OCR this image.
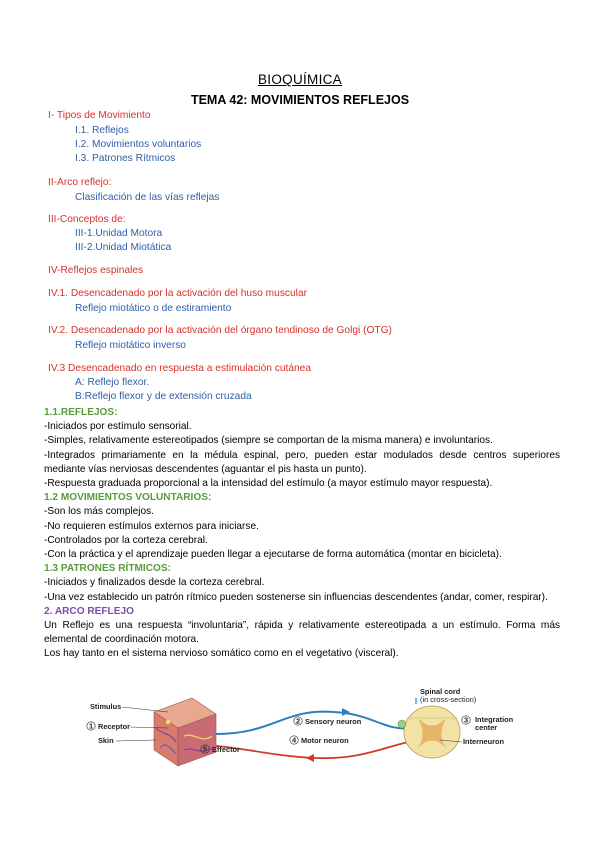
BIOQUÍMICA
TEMA 42: MOVIMIENTOS REFLEJOS
I- Tipos de Movimiento
I.1. Reflejos
I.2. Movimientos voluntarios
I.3. Patrones Rítmicos
II-Arco reflejo:
Clasificación de las vías reflejas
III-Conceptos de:
III-1.Unidad Motora
III-2.Unidad Miotática
IV-Reflejos espinales
IV.1. Desencadenado por la activación del huso muscular
Reflejo miotático o de estiramiento
IV.2. Desencadenado por la activación del órgano tendinoso de Golgi (OTG)
Reflejo miotático inverso
IV.3 Desencadenado en respuesta a estimulación cutánea
A: Reflejo flexor.
B:Reflejo flexor y de extensión cruzada

1.1.REFLEJOS:

-Iniciados por estímulo sensorial.

-Simples, relativamente estereotipados (siempre se comportan de la misma manera) e involuntarios.

-Integrados primariamente en la médula espinal, pero, pueden estar modulados desde centros superiores mediante vías nerviosas descendentes (aguantar el pis hasta un punto).

-Respuesta graduada proporcional a la intensidad del estímulo (a mayor estímulo mayor respuesta).

1.2 MOVIMIENTOS VOLUNTARIOS:

-Son los más complejos.

-No requieren estímulos externos para iniciarse.

-Controlados por la corteza cerebral.

-Con la práctica y el aprendizaje pueden llegar a ejecutarse de forma automática (montar en bicicleta).

1.3 PATRONES RÍTMICOS:

-Iniciados y finalizados desde la corteza cerebral.

-Una vez establecido un patrón rítmico pueden sostenerse sin influencias descendentes (andar, comer, respirar).

2. ARCO REFLEJO

Un Reflejo es una respuesta “involuntaria”, rápida y relativamente estereotipada a un estímulo. Forma más elemental de coordinación motora.

Los hay tanto en el sistema nervioso somático como en el vegetativo (visceral).

Stimulus
1 Receptor
Skin
2 Sensory neuron
4 Motor neuron
5 Effector
Spinal cord
(in cross-section)
3 Integration
center
Interneuron
